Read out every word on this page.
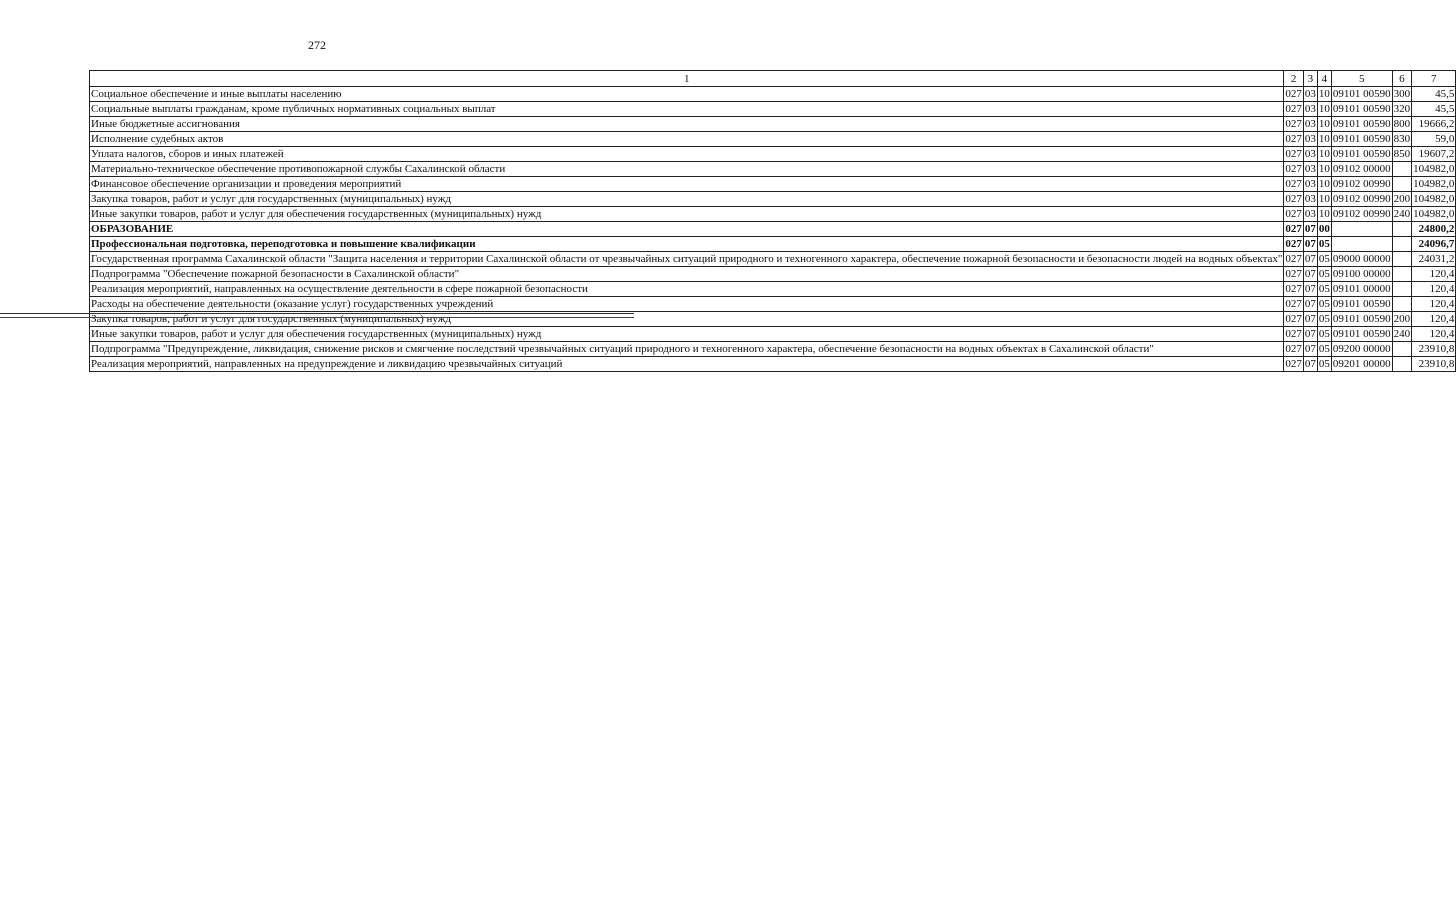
272
1	2	3	4	5	6	7
Социальное обеспечение и иные выплаты населению	027	03	10	09101 00590	300	45,5
Социальные выплаты гражданам, кроме публичных нормативных социальных выплат	027	03	10	09101 00590	320	45,5
Иные бюджетные ассигнования	027	03	10	09101 00590	800	19666,2
Исполнение судебных актов	027	03	10	09101 00590	830	59,0
Уплата налогов, сборов и иных платежей	027	03	10	09101 00590	850	19607,2
Материально-техническое обеспечение противопожарной службы Сахалинской области	027	03	10	09102 00000		104982,0
Финансовое обеспечение организации и проведения мероприятий	027	03	10	09102 00990		104982,0
Закупка товаров, работ и услуг для государственных (муниципальных) нужд	027	03	10	09102 00990	200	104982,0
Иные закупки товаров, работ и услуг для обеспечения государственных (муниципальных) нужд	027	03	10	09102 00990	240	104982,0
ОБРАЗОВАНИЕ	027	07	00			24800,2
Профессиональная подготовка, переподготовка и повышение квалификации	027	07	05			24096,7
Государственная программа Сахалинской области "Защита населения и территории Сахалинской области от чрезвычайных ситуаций природного и техногенного характера, обеспечение пожарной безопасности и безопасности людей на водных объектах"	027	07	05	09000 00000		24031,2
Подпрограмма "Обеспечение пожарной безопасности в Сахалинской области"	027	07	05	09100 00000		120,4
Реализация мероприятий, направленных на осуществление деятельности в сфере пожарной безопасности	027	07	05	09101 00000		120,4
Расходы на обеспечение деятельности (оказание услуг) государственных учреждений	027	07	05	09101 00590		120,4
Закупка товаров, работ и услуг для государственных (муниципальных) нужд	027	07	05	09101 00590	200	120,4
Иные закупки товаров, работ и услуг для обеспечения государственных (муниципальных) нужд	027	07	05	09101 00590	240	120,4
Подпрограмма "Предупреждение, ликвидация, снижение рисков и смягчение последствий чрезвычайных ситуаций природного и техногенного характера, обеспечение безопасности на водных объектах в Сахалинской области"	027	07	05	09200 00000		23910,8
Реализация мероприятий, направленных на предупреждение и ликвидацию чрезвычайных ситуаций	027	07	05	09201 00000		23910,8
